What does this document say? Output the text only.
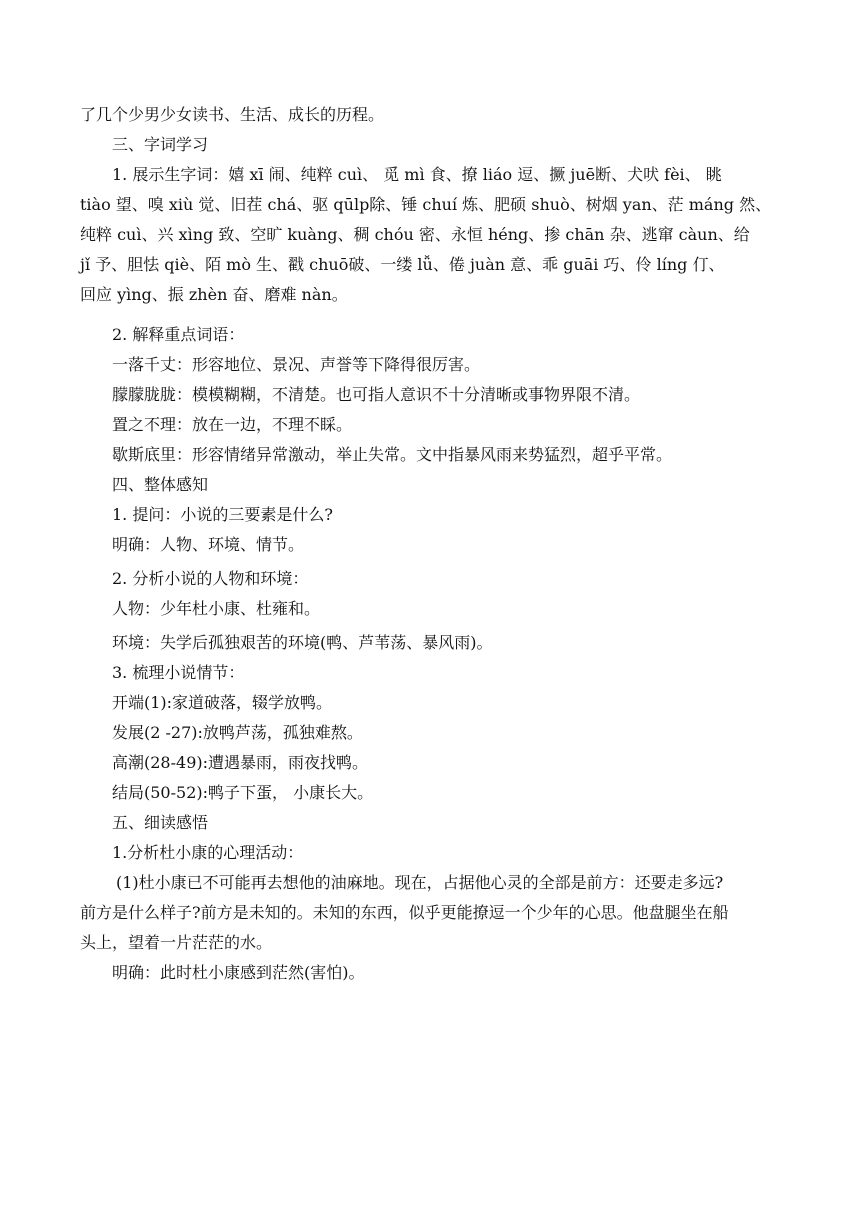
了几个少男少女读书、生活、成长的历程。

三、字词学习

1. 展示生字词：嬉 xī 闹、纯粹 cuì、 觅 mì 食、撩 liáo 逗、撅 juē断、犬吠 fèi、 眺

tiào 望、嗅 xiù 觉、旧茬 chá、驱 qūlp除、锤 chuí 炼、肥硕 shuò、树烟 yan、茫 máng 然、

纯粹 cuì、兴 xìng 致、空旷 kuàng、稠 chóu 密、永恒 héng、掺 chān 杂、逃窜 càun、给

jǐ 予、胆怯 qiè、陌 mò 生、戳 chuō破、一缕 lǚ、倦 juàn 意、乖 guāi 巧、伶 líng 仃、

回应 yìng、振 zhèn 奋、磨难 nàn。

2. 解释重点词语：

一落千丈：形容地位、景况、声誉等下降得很厉害。

朦朦胧胧：模模糊糊，不清楚。也可指人意识不十分清晰或事物界限不清。

置之不理：放在一边，不理不睬。

歇斯底里：形容情绪异常激动，举止失常。文中指暴风雨来势猛烈，超乎平常。

四、整体感知

1. 提问：小说的三要素是什么?

明确：人物、环境、情节。

2. 分析小说的人物和环境：

人物：少年杜小康、杜雍和。

环境：失学后孤独艰苦的环境(鸭、芦苇荡、暴风雨)。

3. 梳理小说情节：

开端(1):家道破落，辍学放鸭。

发展(2 -27):放鸭芦荡，孤独难熬。

高潮(28-49):遭遇暴雨，雨夜找鸭。

结局(50-52):鸭子下蛋， 小康长大。

五、细读感悟

1.分析杜小康的心理活动：

(1)杜小康已不可能再去想他的油麻地。现在，占据他心灵的全部是前方：还要走多远?

前方是什么样子?前方是未知的。未知的东西，似乎更能撩逗一个少年的心思。他盘腿坐在船

头上，望着一片茫茫的水。

明确：此时杜小康感到茫然(害怕)。
